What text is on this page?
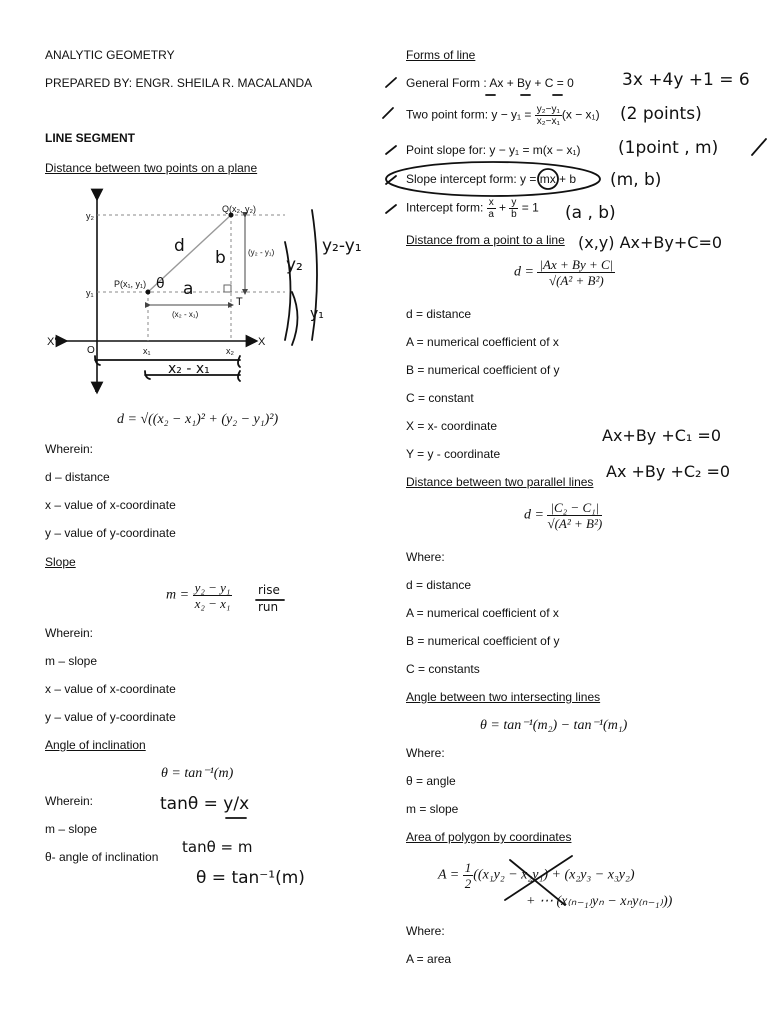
ANALYTIC GEOMETRY
PREPARED BY: ENGR. SHEILA R. MACALANDA
LINE SEGMENT
Distance between two points on a plane
Y
Y'
X
X'
O
y₂
y₁
x₁	x₂
P(x₁, y₁)
Q(x₂, y₂)
T
(x₂ - x₁)
(y₂ - y₁)
d = √((x₂ − x₁)² + (y₂ − y₁)²)
Wherein:
d – distance
x – value of x-coordinate
y – value of y-coordinate
Slope
$m = \frac{\text{y₂ − y₁}}{\text{x₂ − x₁}}$
Wherein:
m – slope
x – value of x-coordinate
y – value of y-coordinate
Angle of inclination
θ = tan⁻¹(m)
Wherein:
m – slope
θ- angle of inclination
Forms of line
General Form : Ax + By + C = 0
Two point form: $y - y_1 = \frac{\text{y₂−y₁}}{\text{x₂−x₁}} (x - x_1)$
Point slope for: y − y₁ = m(x − x₁)
Slope intercept form: y = mx + b
Intercept form: $\frac{x}{a} + \frac{y}{b} = 1$
Distance from a point to a line
$d = \frac{|Ax + By + C|}{\text{√(A² + B²)}}$
d = distance
A = numerical coefficient of x
B = numerical coefficient of y
C = constant
X = x- coordinate
Y = y - coordinate
Distance between two parallel lines
$d = \frac{\text{|C₂ − C₁|}}{\text{√(A² + B²)}}$
Where:
d = distance
A = numerical coefficient of x
B = numerical coefficient of y
C = constants
Angle between two intersecting lines
θ = tan⁻¹(m₂) − tan⁻¹(m₁)
Where:
θ = angle
m = slope
Area of polygon by coordinates
$A = \frac{1}{2} ((x_1y_2 - x_2y_1) + (x_2y_3 - x_3y_2)$
+ ⋯ (x₍ₙ₋₁₎yₙ − xₙy₍ₙ₋₁₎))
Where:
A = area
y₂-y₁
y₂
y₁
x₂ - x₁
d
b
a
θ
rise
run
tanθ = y/x
tanθ = m
θ = tan⁻¹(m)
3x +4y +1 = 6
(2 points)
(1point , m)
(m, b)
(a , b)
(x,y) Ax+By+C=0
Ax+By +C₁ =0
Ax +By +C₂ =0
